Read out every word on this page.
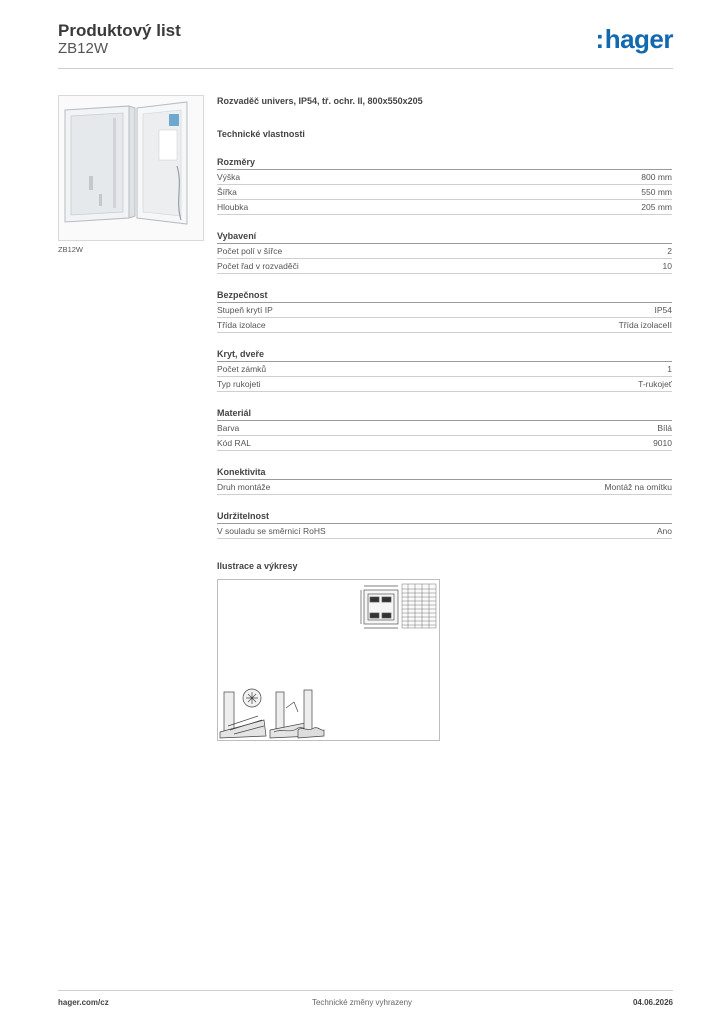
Produktový list
ZB12W	:hager
ZB12W
Rozvaděč univers, IP54, tř. ochr. II, 800x550x205
Technické vlastnosti
Rozměry
Výška	800 mm
Šířka	550 mm
Hloubka	205 mm
Vybavení
Počet polí v šířce	2
Počet řad v rozvaděči	10
Bezpečnost
Stupeň krytí IP	IP54
Třída izolace	Třída izolaceII
Kryt, dveře
Počet zámků	1
Typ rukojeti	T-rukojeť
Materiál
Barva	Bílá
Kód RAL	9010
Konektivita
Druh montáže	Montáž na omítku
Udržitelnost
V souladu se směrnicí RoHS	Ano
Ilustrace a výkresy
hager.com/cz	Technické změny vyhrazeny	04.06.2026
